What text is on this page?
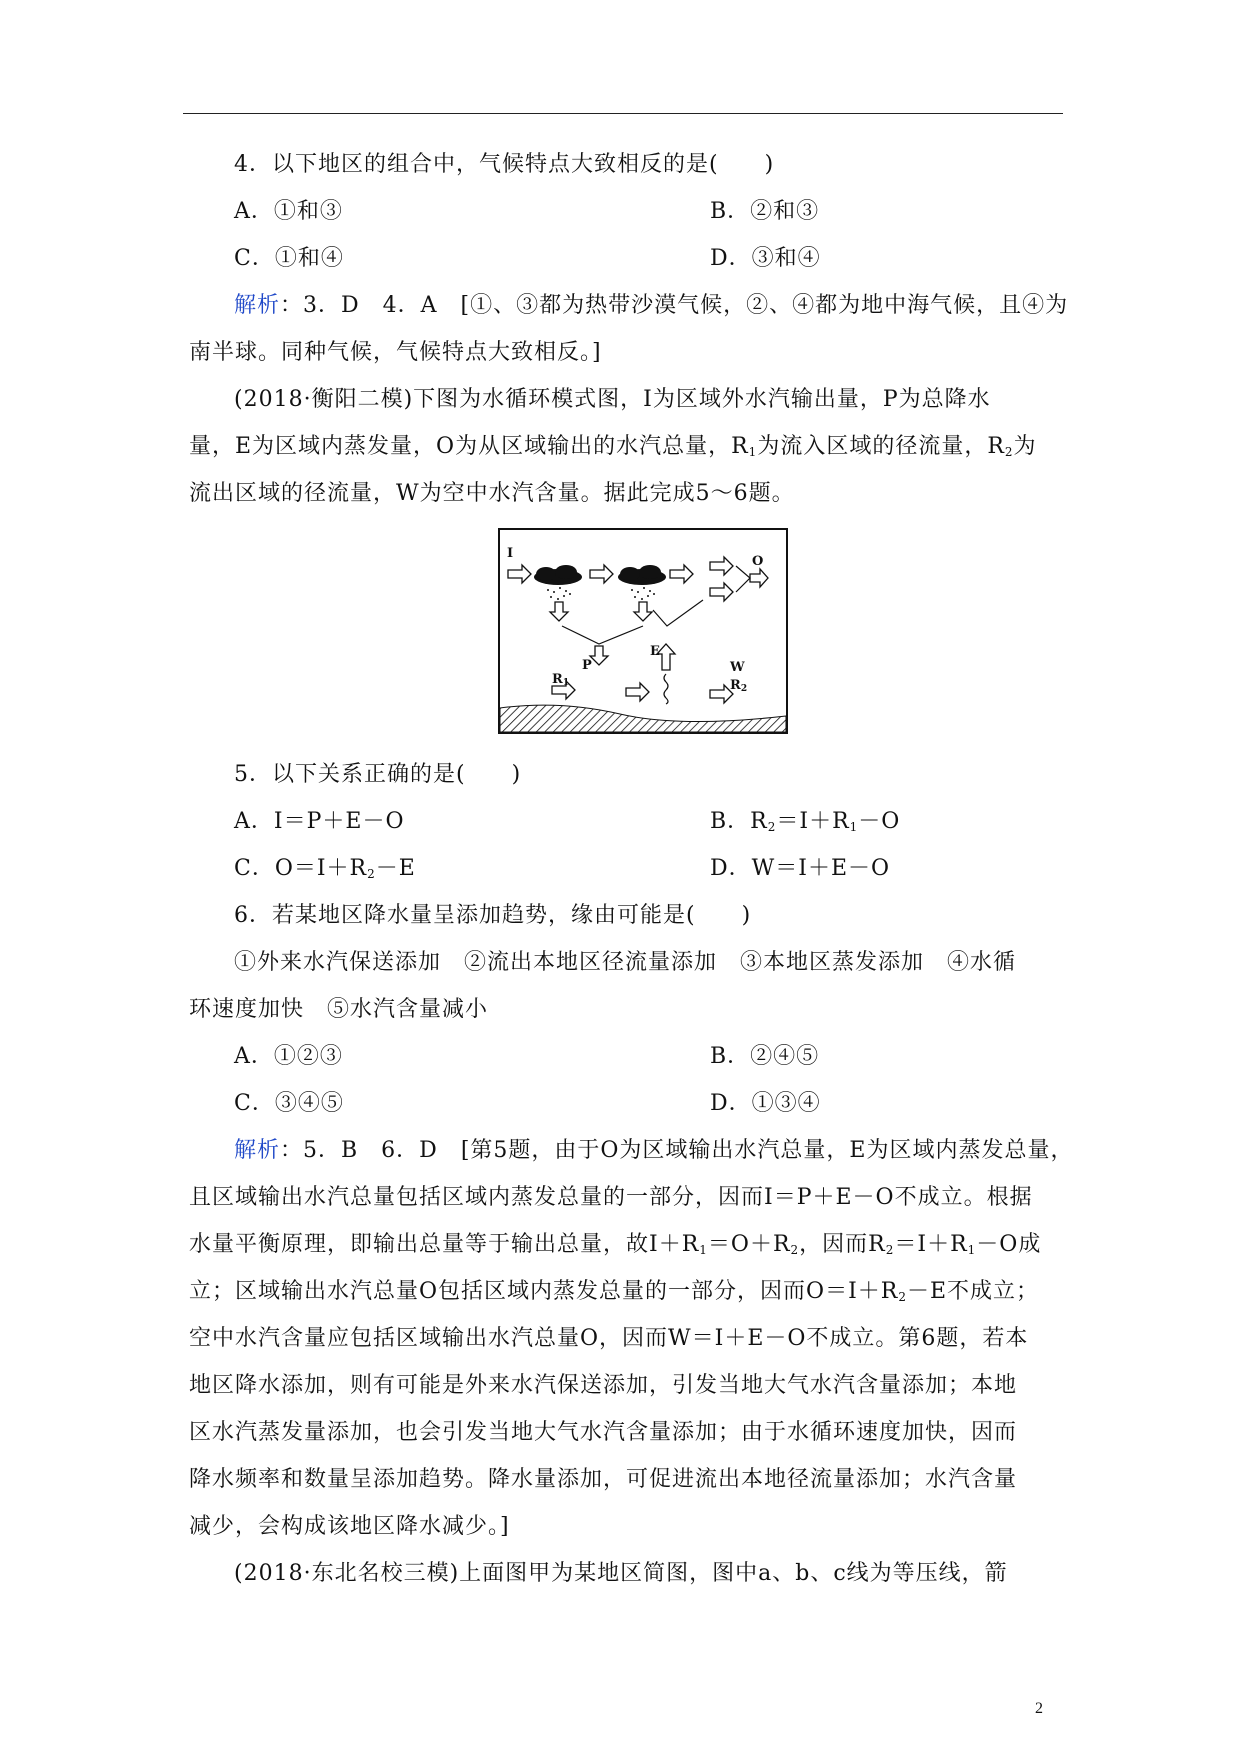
4．以下地区的组合中，气候特点大致相反的是(　　)
A．①和③	B．②和③
C．①和④	D．③和④
解析：3．D　4．A　[①、③都为热带沙漠气候，②、④都为地中海气候，且④为
南半球。同种气候，气候特点大致相反。]
(2018·衡阳二模)下图为水循环模式图，Ⅰ为区域外水汽输出量，P为总降水
量，E为区域内蒸发量，O为从区域输出的水汽总量，$R_1$为流入区域的径流量，$R_2$为
流出区域的径流量，W为空中水汽含量。据此完成5～6题。
I
O
E
P	W
$R_1$	$R_2$
5．以下关系正确的是(　　)
A．Ⅰ＝P＋E－O	B．$R_2=Ⅰ+R_1-O$
C．$O=Ⅰ+R_2-E$	D．W＝Ⅰ＋E－O
6．若某地区降水量呈添加趋势，缘由可能是(　　)
①外来水汽保送添加　②流出本地区径流量添加　③本地区蒸发添加　④水循
环速度加快　⑤水汽含量减小
A．①②③	B．②④⑤
C．③④⑤	D．①③④
解析：5．B　6．D　[第5题，由于O为区域输出水汽总量，E为区域内蒸发总量，
且区域输出水汽总量包括区域内蒸发总量的一部分，因而Ⅰ＝P＋E－O不成立。根据
水量平衡原理，即输出总量等于输出总量，故$Ⅰ+R_1=O+R_2$，因而$R_2=Ⅰ+R_1-O$成
立；区域输出水汽总量O包括区域内蒸发总量的一部分，因而$O=Ⅰ+R_2-E$不成立；
空中水汽含量应包括区域输出水汽总量O，因而W＝Ⅰ＋E－O不成立。第6题，若本
地区降水添加，则有可能是外来水汽保送添加，引发当地大气水汽含量添加；本地
区水汽蒸发量添加，也会引发当地大气水汽含量添加；由于水循环速度加快，因而
降水频率和数量呈添加趋势。降水量添加，可促进流出本地径流量添加；水汽含量
减少，会构成该地区降水减少。]
(2018·东北名校三模)上面图甲为某地区简图，图中a、b、c线为等压线，箭
2
